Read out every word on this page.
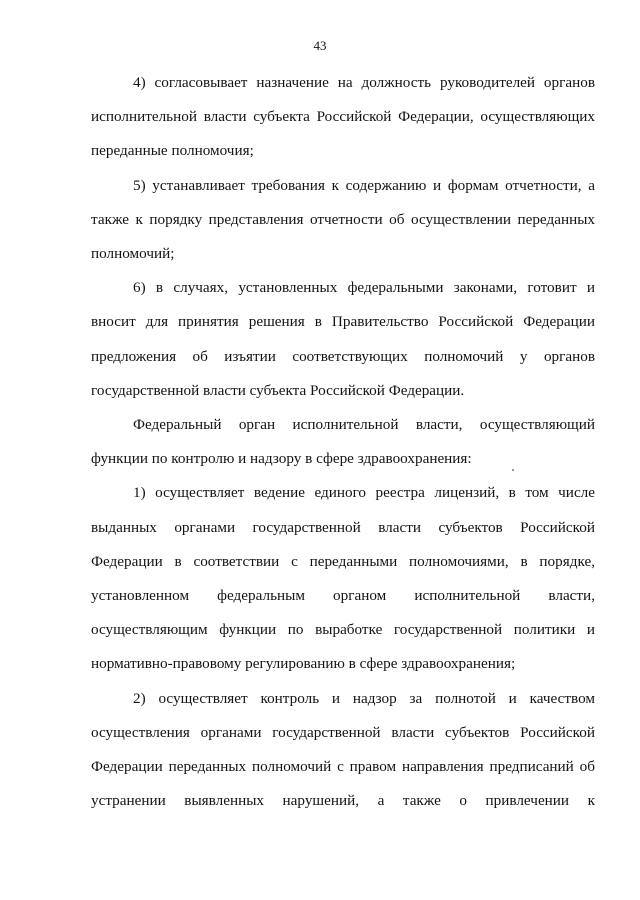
43

4) согласовывает назначение на должность руководителей органов исполнительной власти субъекта Российской Федерации, осуществляющих переданные полномочия;

5) устанавливает требования к содержанию и формам отчетности, а также к порядку представления отчетности об осуществлении переданных полномочий;

6) в случаях, установленных федеральными законами, готовит и вносит для принятия решения в Правительство Российской Федерации предложения об изъятии соответствующих полномочий у органов государственной власти субъекта Российской Федерации.

Федеральный орган исполнительной власти, осуществляющий функции по контролю и надзору в сфере здравоохранения:

1) осуществляет ведение единого реестра лицензий, в том числе выданных органами государственной власти субъектов Российской Федерации в соответствии с переданными полномочиями, в порядке, установленном федеральным органом исполнительной власти, осуществляющим функции по выработке государственной политики и нормативно-правовому регулированию в сфере здравоохранения;

2) осуществляет контроль и надзор за полнотой и качеством осуществления органами государственной власти субъектов Российской Федерации переданных полномочий с правом направления предписаний об устранении выявленных нарушений, а также о привлечении к
